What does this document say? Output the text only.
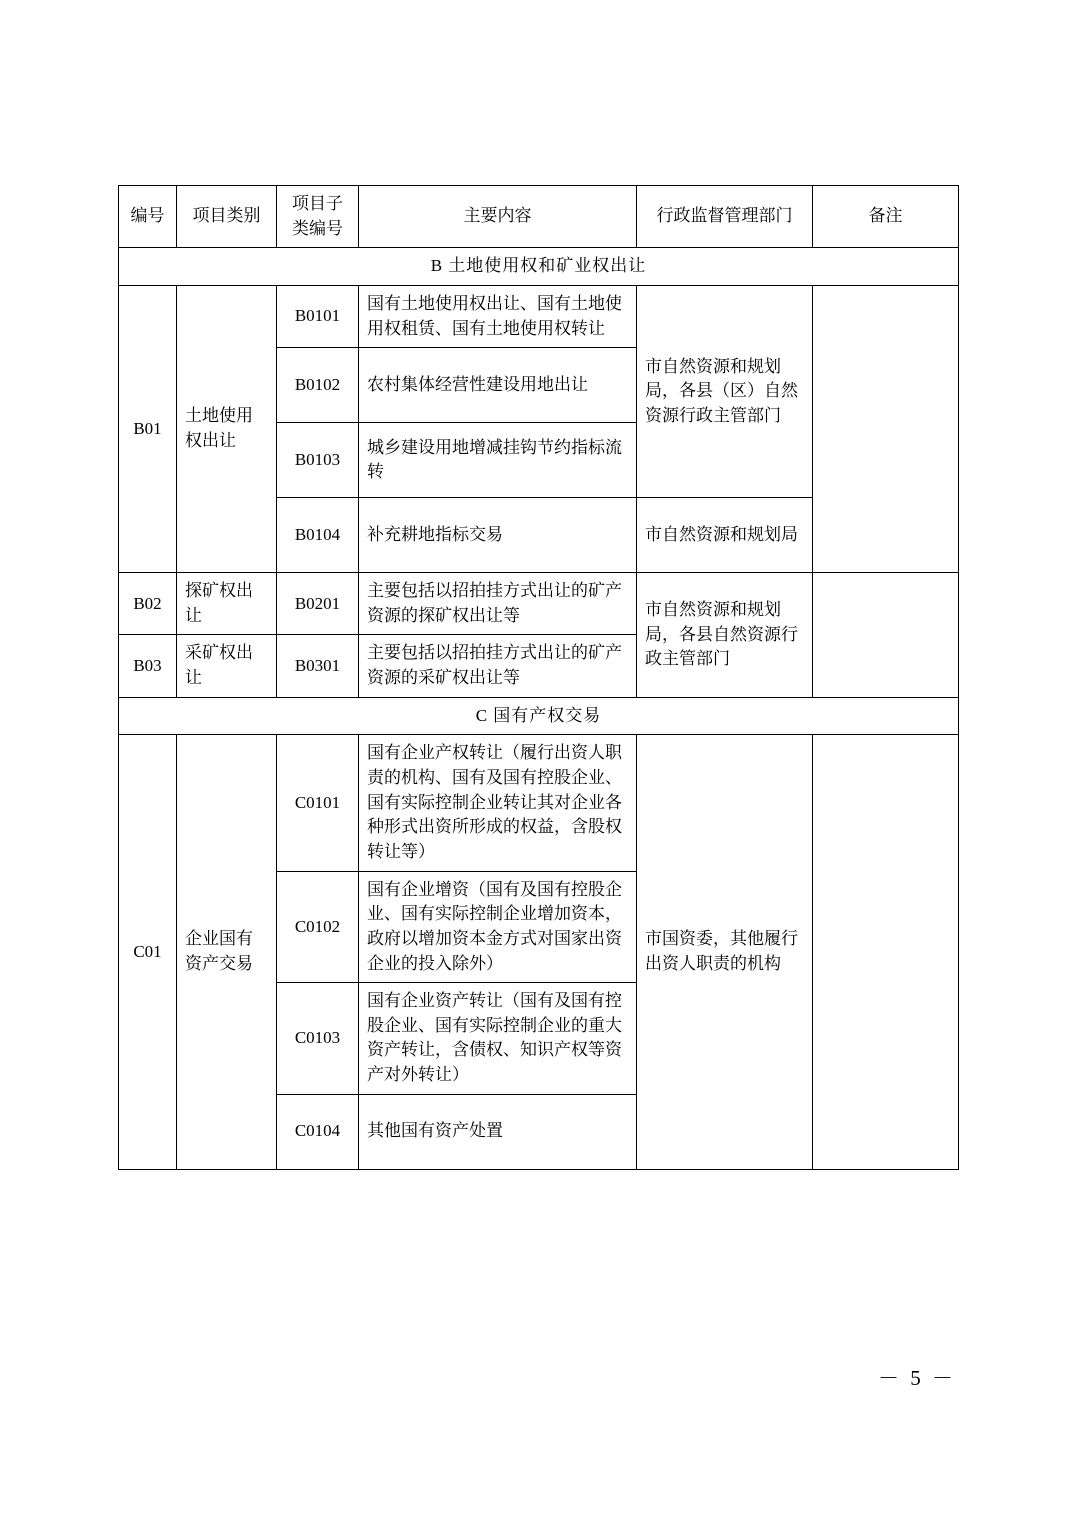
编号	项目类别	项目子类编号	主要内容	行政监督管理部门	备注
B 土地使用权和矿业权出让					
B01	土地使用权出让	B0101	国有土地使用权出让、国有土地使用权租赁、国有土地使用权转让	市自然资源和规划局，各县（区）自然资源行政主管部门	
		B0102	农村集体经营性建设用地出让		
		B0103	城乡建设用地增减挂钩节约指标流转		
		B0104	补充耕地指标交易	市自然资源和规划局	
B02	探矿权出让	B0201	主要包括以招拍挂方式出让的矿产资源的探矿权出让等	市自然资源和规划局，各县自然资源行政主管部门	
B03	采矿权出让	B0301	主要包括以招拍挂方式出让的矿产资源的采矿权出让等		
C 国有产权交易					
C01	企业国有资产交易	C0101	国有企业产权转让（履行出资人职责的机构、国有及国有控股企业、国有实际控制企业转让其对企业各种形式出资所形成的权益，含股权转让等）	市国资委，其他履行出资人职责的机构	
		C0102	国有企业增资（国有及国有控股企业、国有实际控制企业增加资本，政府以增加资本金方式对国家出资企业的投入除外）		
		C0103	国有企业资产转让（国有及国有控股企业、国有实际控制企业的重大资产转让，含债权、知识产权等资产对外转让）		
		C0104	其他国有资产处置		
－ 5 －
